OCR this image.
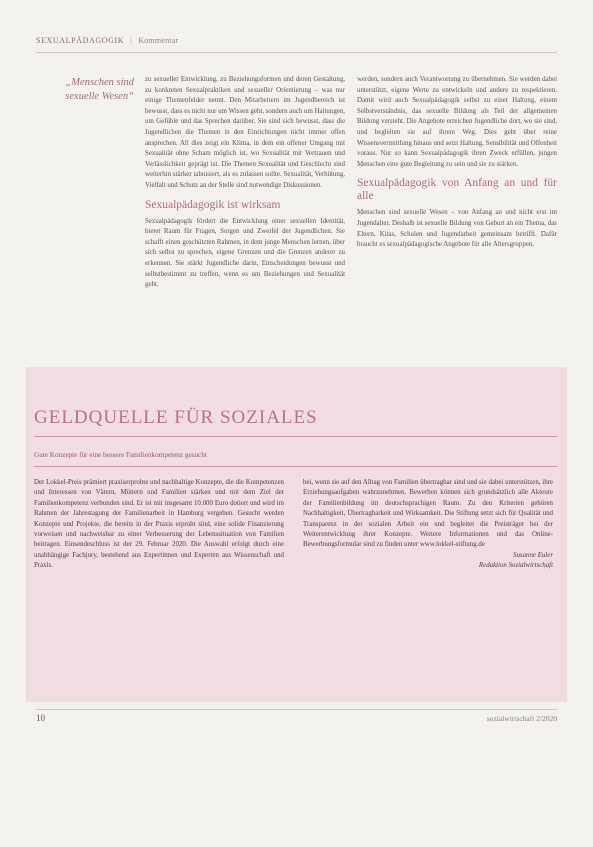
SEXUALPÄDAGOGIK | Kommentar
„Menschen sind sexuelle Wesen“

zu sexueller Entwicklung, zu Beziehungsformen und deren Gestaltung, zu konkreten Sexualpraktiken und sexueller Orientierung – was nur einige Themenfelder nennt. Den Mitarbeitern im Jugendbereich ist bewusst, dass es nicht nur um Wissen geht, sondern auch um Haltungen, um Gefühle und das Sprechen darüber. Sie sind sich bewusst, dass die Jugendlichen die Themen in den Einrichtungen nicht immer offen ansprechen. All dies zeigt ein Klima, in dem ein offener Umgang mit Sexualität ohne Scham möglich ist, wo Sexualität mit Vertrauen und Verlässlichkeit geprägt ist. Die Themen Sexualität und Geschlecht sind weiterhin stärker tabuisiert, als es zulassen sollte. Sexualität, Verhütung, Vielfalt und Schutz an der Stelle sind notwendige Diskussionen.

Sexualpädagogik ist wirksam

Sexualpädagogik fördert die Entwicklung einer sexuellen Identität, bietet Raum für Fragen, Sorgen und Zweifel der Jugendlichen. Sie schafft einen geschützten Rahmen, in dem junge Menschen lernen, über sich selbst zu sprechen, eigene Grenzen und die Grenzen anderer zu erkennen. Sie stärkt Jugendliche darin, Entscheidungen bewusst und selbstbestimmt zu treffen, wenn es um Beziehungen und Sexualität geht.

werden, sondern auch Verantwortung zu übernehmen. Sie werden dabei unterstützt, eigene Werte zu entwickeln und andere zu respektieren. Damit wird auch Sexualpädagogik selbst zu einer Haltung, einem Selbstverständnis, das sexuelle Bildung als Teil der allgemeinen Bildung versteht. Die Angebote erreichen Jugendliche dort, wo sie sind, und begleiten sie auf ihrem Weg. Dies geht über reine Wissensvermittlung hinaus und setzt Haltung, Sensibilität und Offenheit voraus. Nur so kann Sexualpädagogik ihren Zweck erfüllen, jungen Menschen eine gute Begleitung zu sein und sie zu stärken.

Sexualpädagogik von Anfang an und für alle

Menschen sind sexuelle Wesen – von Anfang an und nicht erst im Jugendalter. Deshalb ist sexuelle Bildung von Geburt an ein Thema, das Eltern, Kitas, Schulen und Jugendarbeit gemeinsam betrifft. Dafür braucht es sexualpädagogische Angebote für alle Altersgruppen.

GELDQUELLE FÜR SOZIALES
Gute Konzepte für eine bessere Familienkompetenz gesucht

Der Lokkel-Preis prämiert praxiserprobte und nachhaltige Konzepte, die die Kompetenzen und Interessen von Vätern, Müttern und Familien stärken und mit dem Ziel der Familienkompetenz verbunden sind. Er ist mit insgesamt 10.000 Euro dotiert und wird im Rahmen der Jahrestagung der Familienarbeit in Hamburg vergeben. Gesucht werden Konzepte und Projekte, die bereits in der Praxis erprobt sind, eine solide Finanzierung vorweisen und nachweisbar zu einer Verbesserung der Lebenssituation von Familien beitragen. Einsendeschluss ist der 29. Februar 2020. Die Auswahl erfolgt durch eine unabhängige Fachjury, bestehend aus Expertinnen und Experten aus Wissenschaft und Praxis.

bei, wenn sie auf den Alltag von Familien übertragbar sind und sie dabei unterstützen, ihre Erziehungsaufgaben wahrzunehmen. Bewerben können sich grundsätzlich alle Akteure der Familienbildung im deutschsprachigen Raum. Zu den Kriterien gehören Nachhaltigkeit, Übertragbarkeit und Wirksamkeit. Die Stiftung setzt sich für Qualität und Transparenz in der sozialen Arbeit ein und begleitet die Preisträger bei der Weiterentwicklung ihrer Konzepte. Weitere Informationen und das Online-Bewerbungsformular sind zu finden unter www.lokkel-stiftung.de

Susanne Euler
Redaktion Sozialwirtschaft
10	sozialwirtschaft 2/2020
